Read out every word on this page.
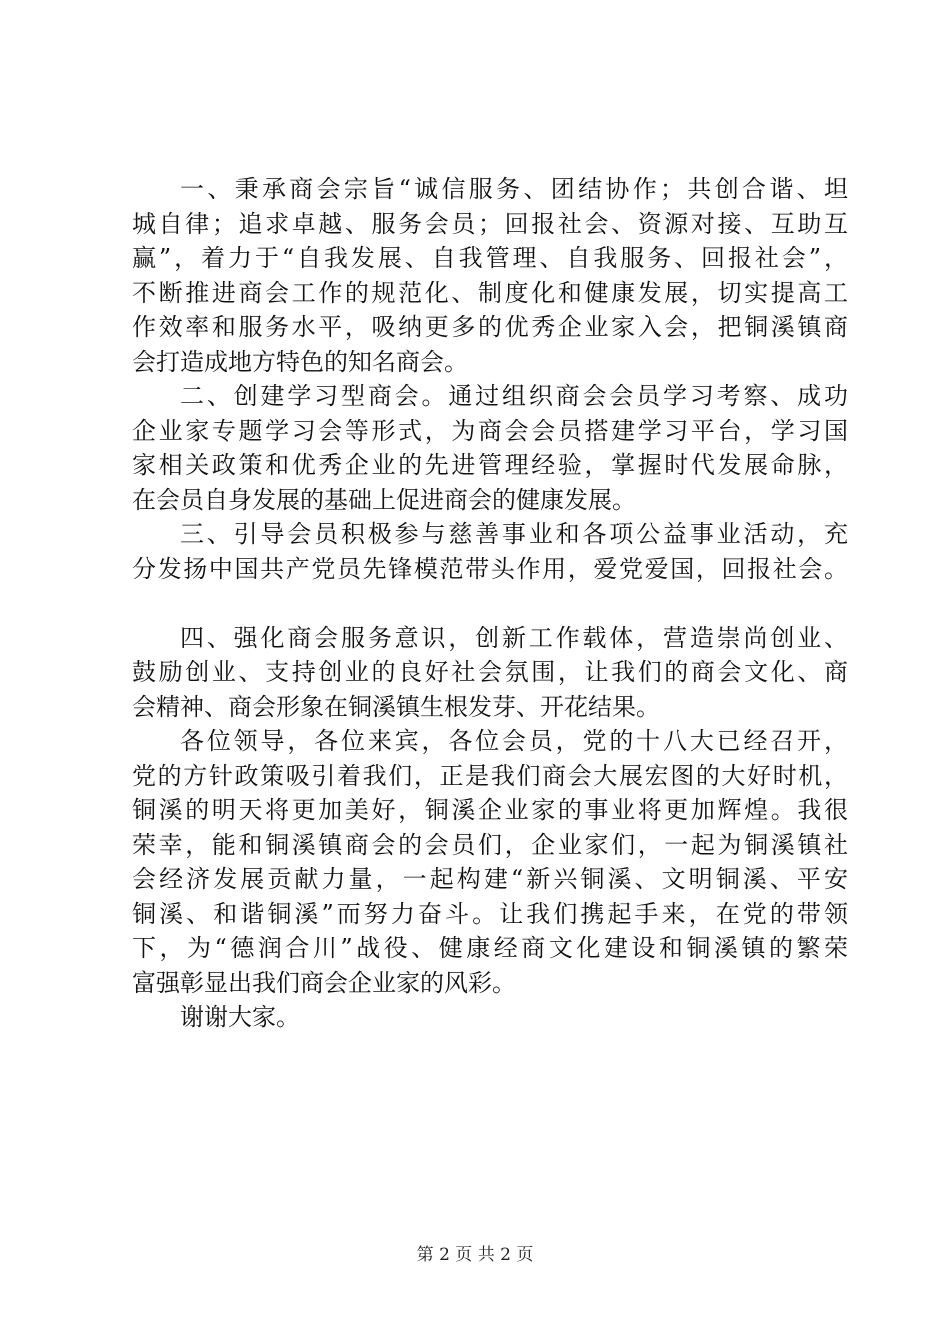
一、秉承商会宗旨“诚信服务、团结协作；共创合谐、坦
城自律；追求卓越、服务会员；回报社会、资源对接、互助互
赢”，着力于“自我发展、自我管理、自我服务、回报社会”，
不断推进商会工作的规范化、制度化和健康发展，切实提高工
作效率和服务水平，吸纳更多的优秀企业家入会，把铜溪镇商
会打造成地方特色的知名商会。
二、创建学习型商会。通过组织商会会员学习考察、成功
企业家专题学习会等形式，为商会会员搭建学习平台，学习国
家相关政策和优秀企业的先进管理经验，掌握时代发展命脉，
在会员自身发展的基础上促进商会的健康发展。
三、引导会员积极参与慈善事业和各项公益事业活动，充
分发扬中国共产党员先锋模范带头作用，爱党爱国，回报社会。
四、强化商会服务意识，创新工作载体，营造崇尚创业、
鼓励创业、支持创业的良好社会氛围，让我们的商会文化、商
会精神、商会形象在铜溪镇生根发芽、开花结果。
各位领导，各位来宾，各位会员，党的十八大已经召开，
党的方针政策吸引着我们，正是我们商会大展宏图的大好时机，
铜溪的明天将更加美好，铜溪企业家的事业将更加辉煌。我很
荣幸，能和铜溪镇商会的会员们，企业家们，一起为铜溪镇社
会经济发展贡献力量，一起构建“新兴铜溪、文明铜溪、平安
铜溪、和谐铜溪”而努力奋斗。让我们携起手来，在党的带领
下，为“德润合川”战役、健康经商文化建设和铜溪镇的繁荣
富强彰显出我们商会企业家的风彩。
谢谢大家。
第 2 页 共 2 页
